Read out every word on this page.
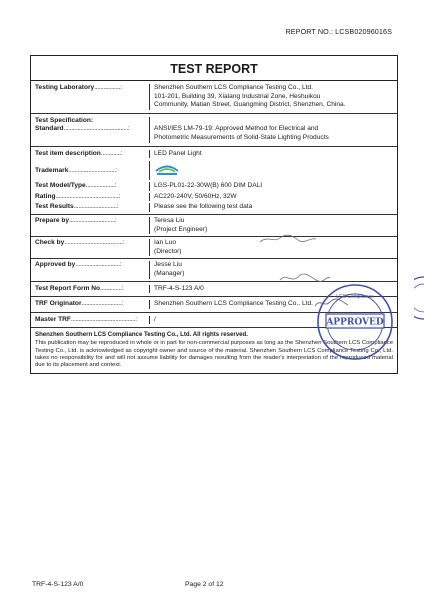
REPORT NO.: LCSB02096016S
TEST REPORT
Testing Laboratory.................:	Shenzhen Southern LCS Compliance Testing Co., Ltd.
101-201, Building 39, Xialang Industrial Zone, Heshuikou
Community, Matian Street, Guangming District, Shenzhen, China.
Test Specification:
Standard..........................................:	ANSI/IES LM-79-19: Approved Method for Electrical and
Photometric Measurements of Solid-State Lighting Products
Test item description.............:	LED Panel Light
Trademark...............................:
Test Model/Type...................:	LGS-PL01-22-30W(B) 600 DIM DALI
Rating.........................................:	AC220-240V, 50/60Hz, 32W
Test Results............................:	Please see the following test data
Prepare by..............................:	Teresa Liu
(Project Engineer)
Check by......................................:	Ian Luo
(Director)
Approved by.............................:	Jesse Liu
(Manager)
Test Report Form No..............:	TRF-4-S-123 A/0
TRF Originator..........................:	Shenzhen Southern LCS Compliance Testing Co., Ltd.
Master TRF..........................................:	/
Shenzhen Southern LCS Compliance Testing Co., Ltd. All rights reserved.
This publication may be reproduced in whole or in part for non-commercial purposes as long as the Shenzhen Southern LCS Compliance Testing Co., Ltd. is acknowledged as copyright owner and source of the material. Shenzhen Southern LCS Compliance Testing Co., Ltd. takes no responsibility for and will not assume liability for damages resulting from the reader's interpretation of the reproduced material due to its placement and context.
APPROVED
LCS Compliance
TRF-4-S-123 A/0	Page 2 of 12
